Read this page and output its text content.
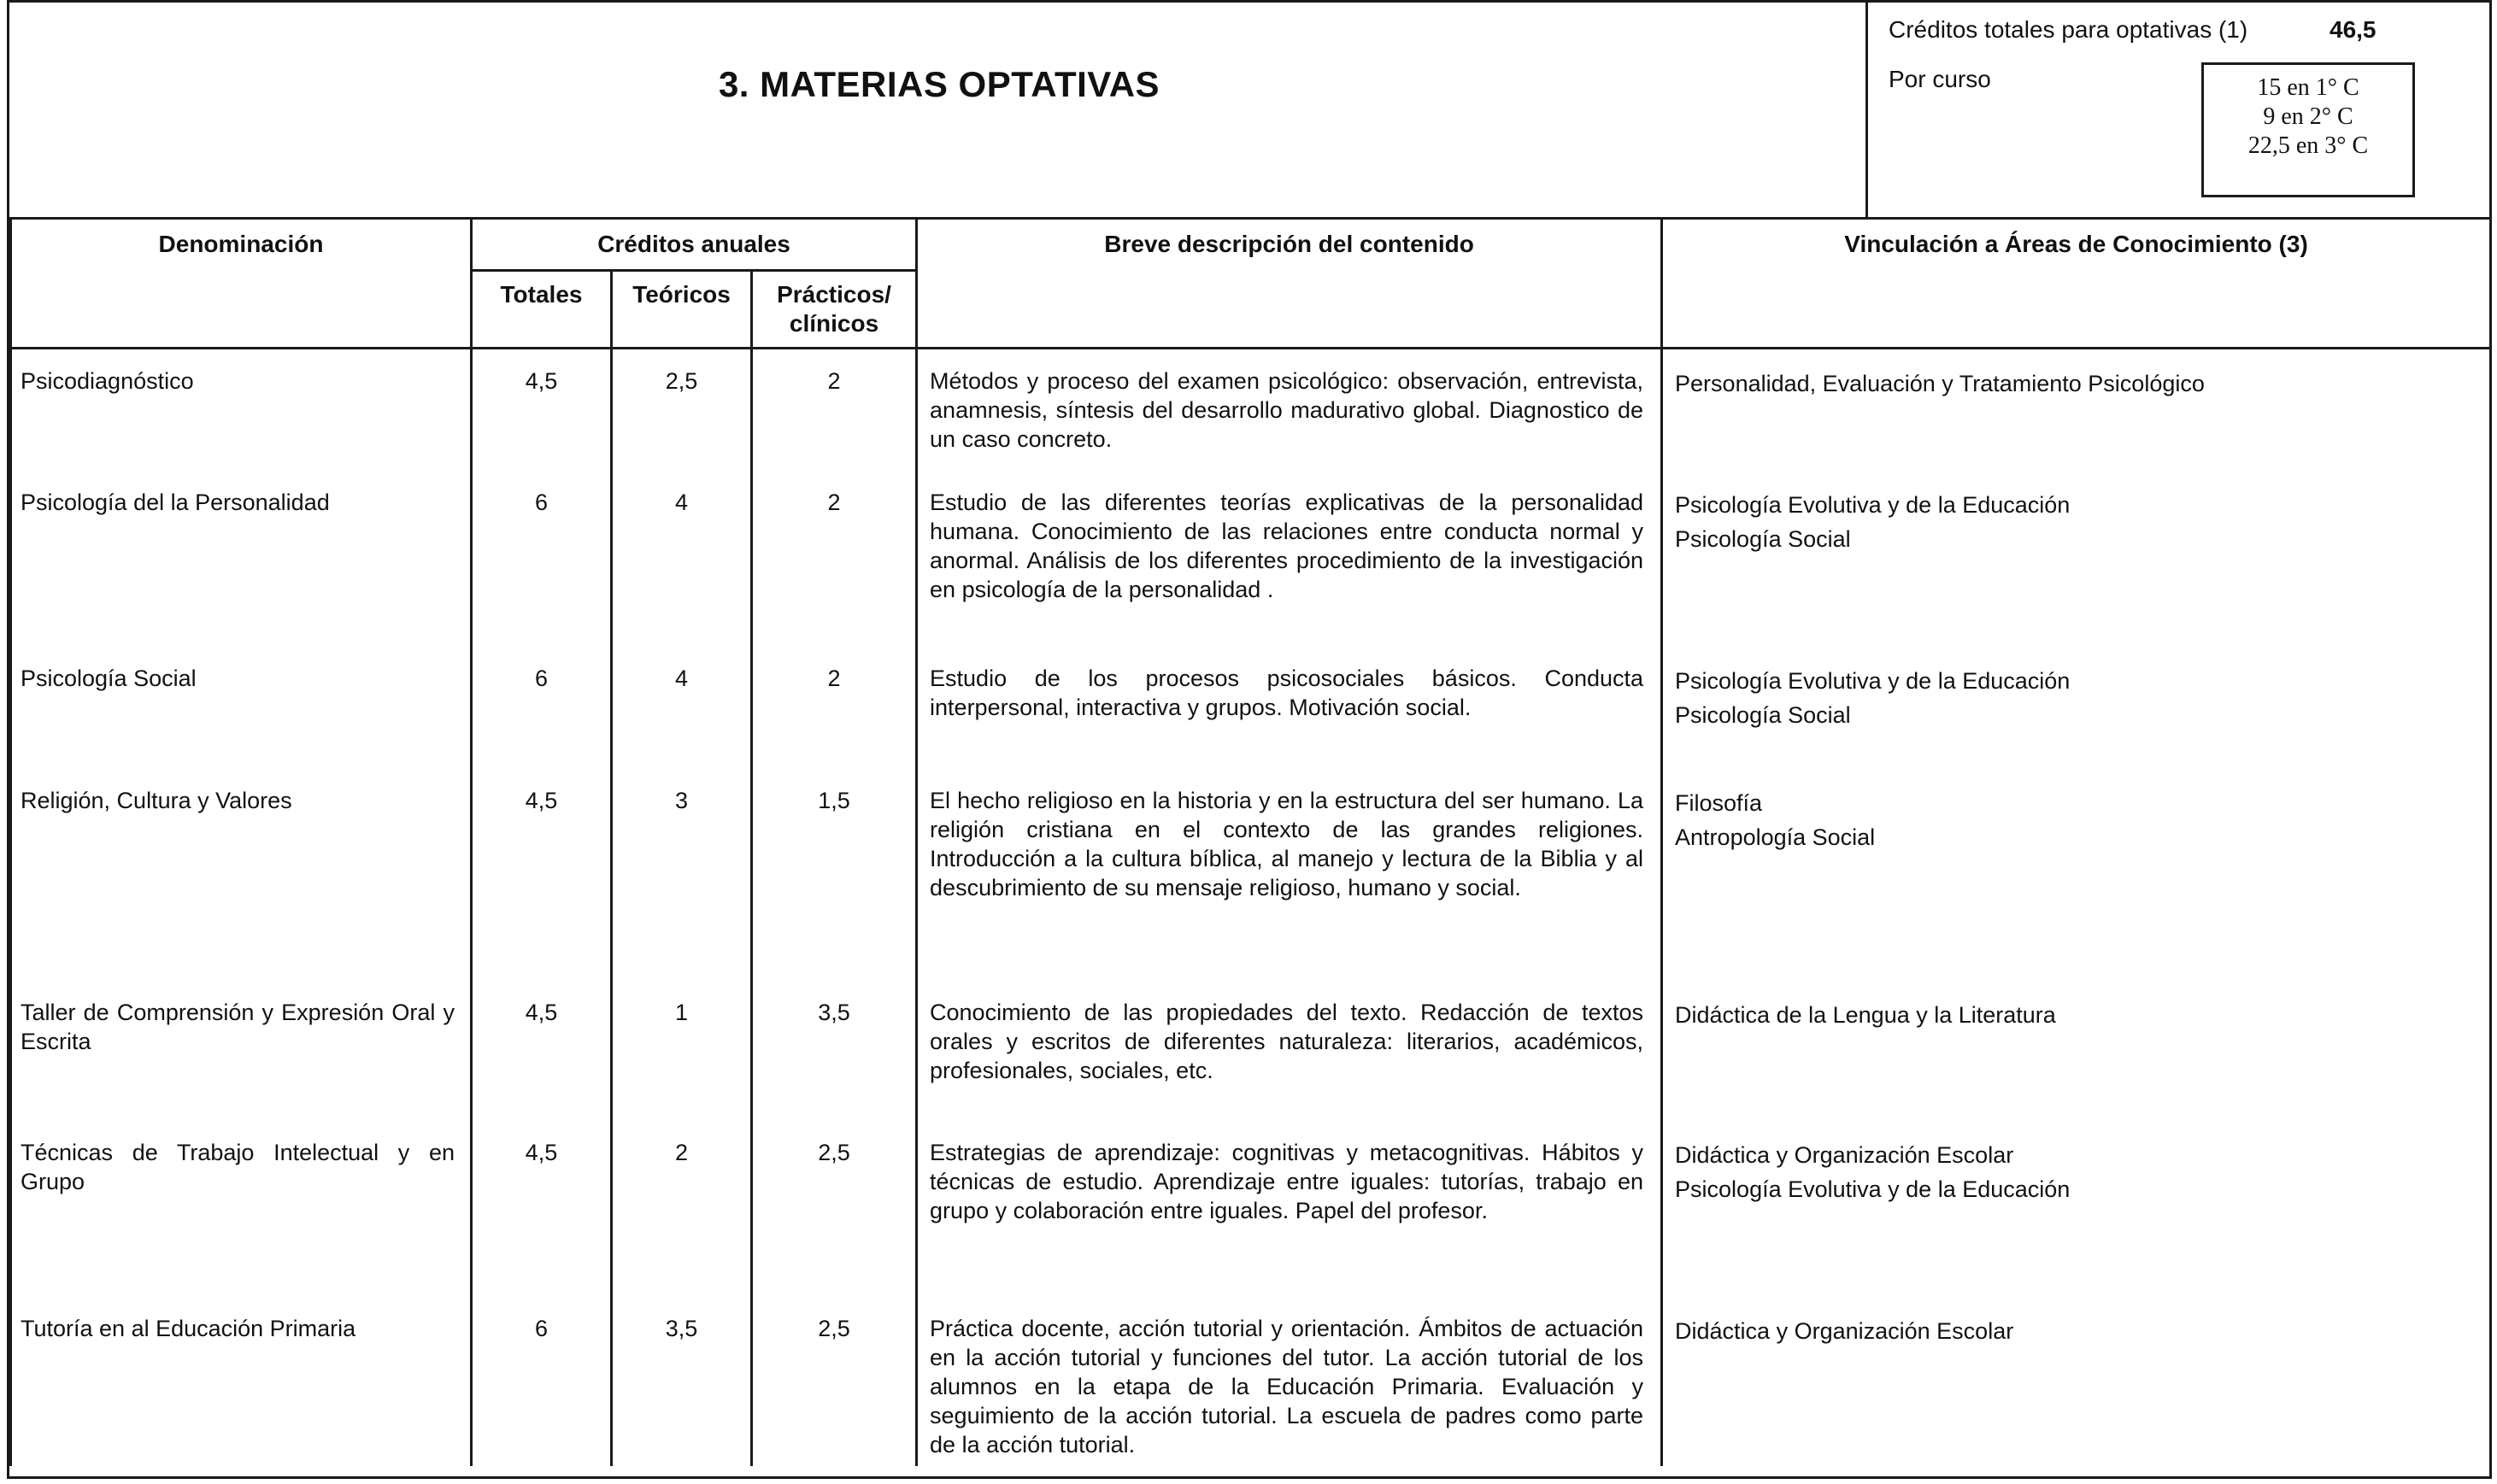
3. MATERIAS OPTATIVAS
Créditos totales para optativas (1)	46,5
Por curso	15 en 1° C
9 en 2° C
22,5 en 3° C
Denominación	Créditos anuales			Breve descripción del contenido	Vinculación a Áreas de Conocimiento (3)
	Totales	Teóricos	Prácticos/ clínicos		
Psicodiagnóstico	4,5	2,5	2	Métodos y proceso del examen psicológico: observación, entrevista, anamnesis, síntesis del desarrollo madurativo global. Diagnostico de un caso concreto.	Personalidad, Evaluación y Tratamiento Psicológico

Psicología del la Personalidad	6	4	2	Estudio de las diferentes teorías explicativas de la personalidad humana. Conocimiento de las relaciones entre conducta normal y anormal. Análisis de los diferentes procedimiento de la investigación en psicología de la personalidad .	Psicología Evolutiva y de la Educación
Psicología Social

Psicología Social	6	4	2	Estudio de los procesos psicosociales básicos. Conducta interpersonal, interactiva y grupos. Motivación social.	Psicología Evolutiva y de la Educación
Psicología Social

Religión, Cultura y Valores	4,5	3	1,5	El hecho religioso en la historia y en la estructura del ser humano. La religión cristiana en el contexto de las grandes religiones. Introducción a la cultura bíblica, al manejo y lectura de la Biblia y al descubrimiento de su mensaje religioso, humano y social.	Filosofía
Antropología Social

Taller de Comprensión y Expresión Oral y Escrita	4,5	1	3,5	Conocimiento de las propiedades del texto. Redacción de textos orales y escritos de diferentes naturaleza: literarios, académicos, profesionales, sociales, etc.	Didáctica de la Lengua y la Literatura

Técnicas de Trabajo Intelectual y en Grupo	4,5	2	2,5	Estrategias de aprendizaje: cognitivas y metacognitivas. Hábitos y técnicas de estudio. Aprendizaje entre iguales: tutorías, trabajo en grupo y colaboración entre iguales. Papel del profesor.	Didáctica y Organización Escolar
Psicología Evolutiva y de la Educación

Tutoría en al Educación Primaria	6	3,5	2,5	Práctica docente, acción tutorial y orientación. Ámbitos de actuación en la acción tutorial y funciones del tutor. La acción tutorial de los alumnos en la etapa de la Educación Primaria. Evaluación y seguimiento de la acción tutorial. La escuela de padres como parte de la acción tutorial.	Didáctica y Organización Escolar
